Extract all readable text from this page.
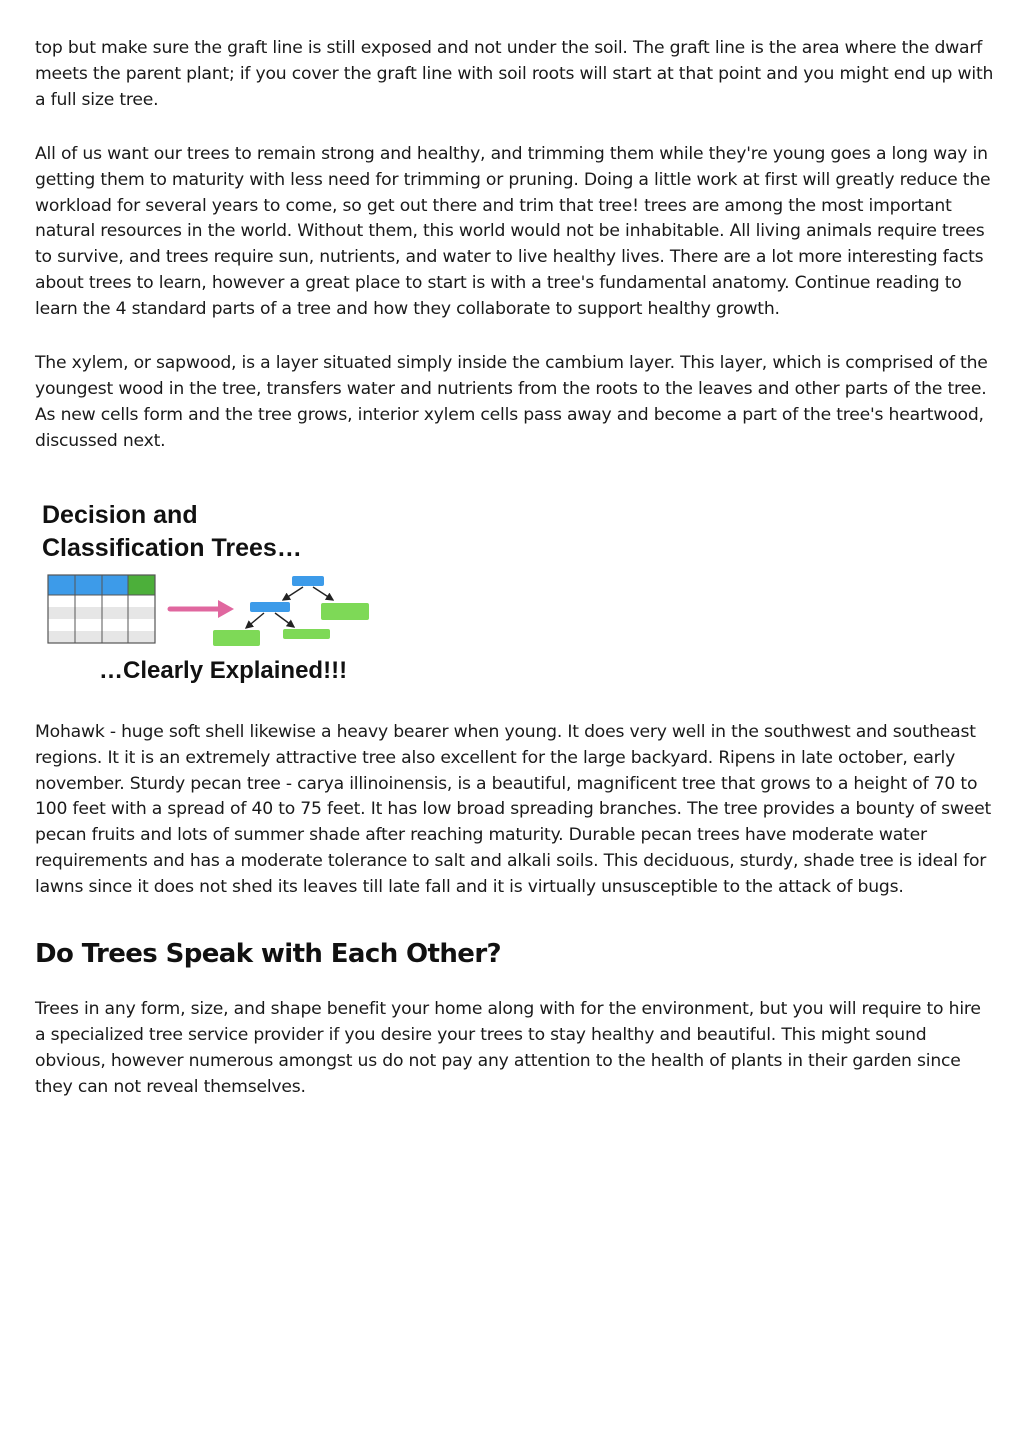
top but make sure the graft line is still exposed and not under the soil. The graft line is the area where the dwarf meets the parent plant; if you cover the graft line with soil roots will start at that point and you might end up with a full size tree.

All of us want our trees to remain strong and healthy, and trimming them while they're young goes a long way in getting them to maturity with less need for trimming or pruning. Doing a little work at first will greatly reduce the workload for several years to come, so get out there and trim that tree! trees are among the most important natural resources in the world. Without them, this world would not be inhabitable. All living animals require trees to survive, and trees require sun, nutrients, and water to live healthy lives. There are a lot more interesting facts about trees to learn, however a great place to start is with a tree's fundamental anatomy. Continue reading to learn the 4 standard parts of a tree and how they collaborate to support healthy growth.

The xylem, or sapwood, is a layer situated simply inside the cambium layer. This layer, which is comprised of the youngest wood in the tree, transfers water and nutrients from the roots to the leaves and other parts of the tree. As new cells form and the tree grows, interior xylem cells pass away and become a part of the tree's heartwood, discussed next.

Decision and
Classification Trees…
…Clearly Explained!!!

Mohawk - huge soft shell likewise a heavy bearer when young. It does very well in the southwest and southeast regions. It it is an extremely attractive tree also excellent for the large backyard. Ripens in late october, early november. Sturdy pecan tree - carya illinoinensis, is a beautiful, magnificent tree that grows to a height of 70 to 100 feet with a spread of 40 to 75 feet. It has low broad spreading branches. The tree provides a bounty of sweet pecan fruits and lots of summer shade after reaching maturity. Durable pecan trees have moderate water requirements and has a moderate tolerance to salt and alkali soils. This deciduous, sturdy, shade tree is ideal for lawns since it does not shed its leaves till late fall and it is virtually unsusceptible to the attack of bugs.

Do Trees Speak with Each Other?

Trees in any form, size, and shape benefit your home along with for the environment, but you will require to hire a specialized tree service provider if you desire your trees to stay healthy and beautiful. This might sound obvious, however numerous amongst us do not pay any attention to the health of plants in their garden since they can not reveal themselves.
